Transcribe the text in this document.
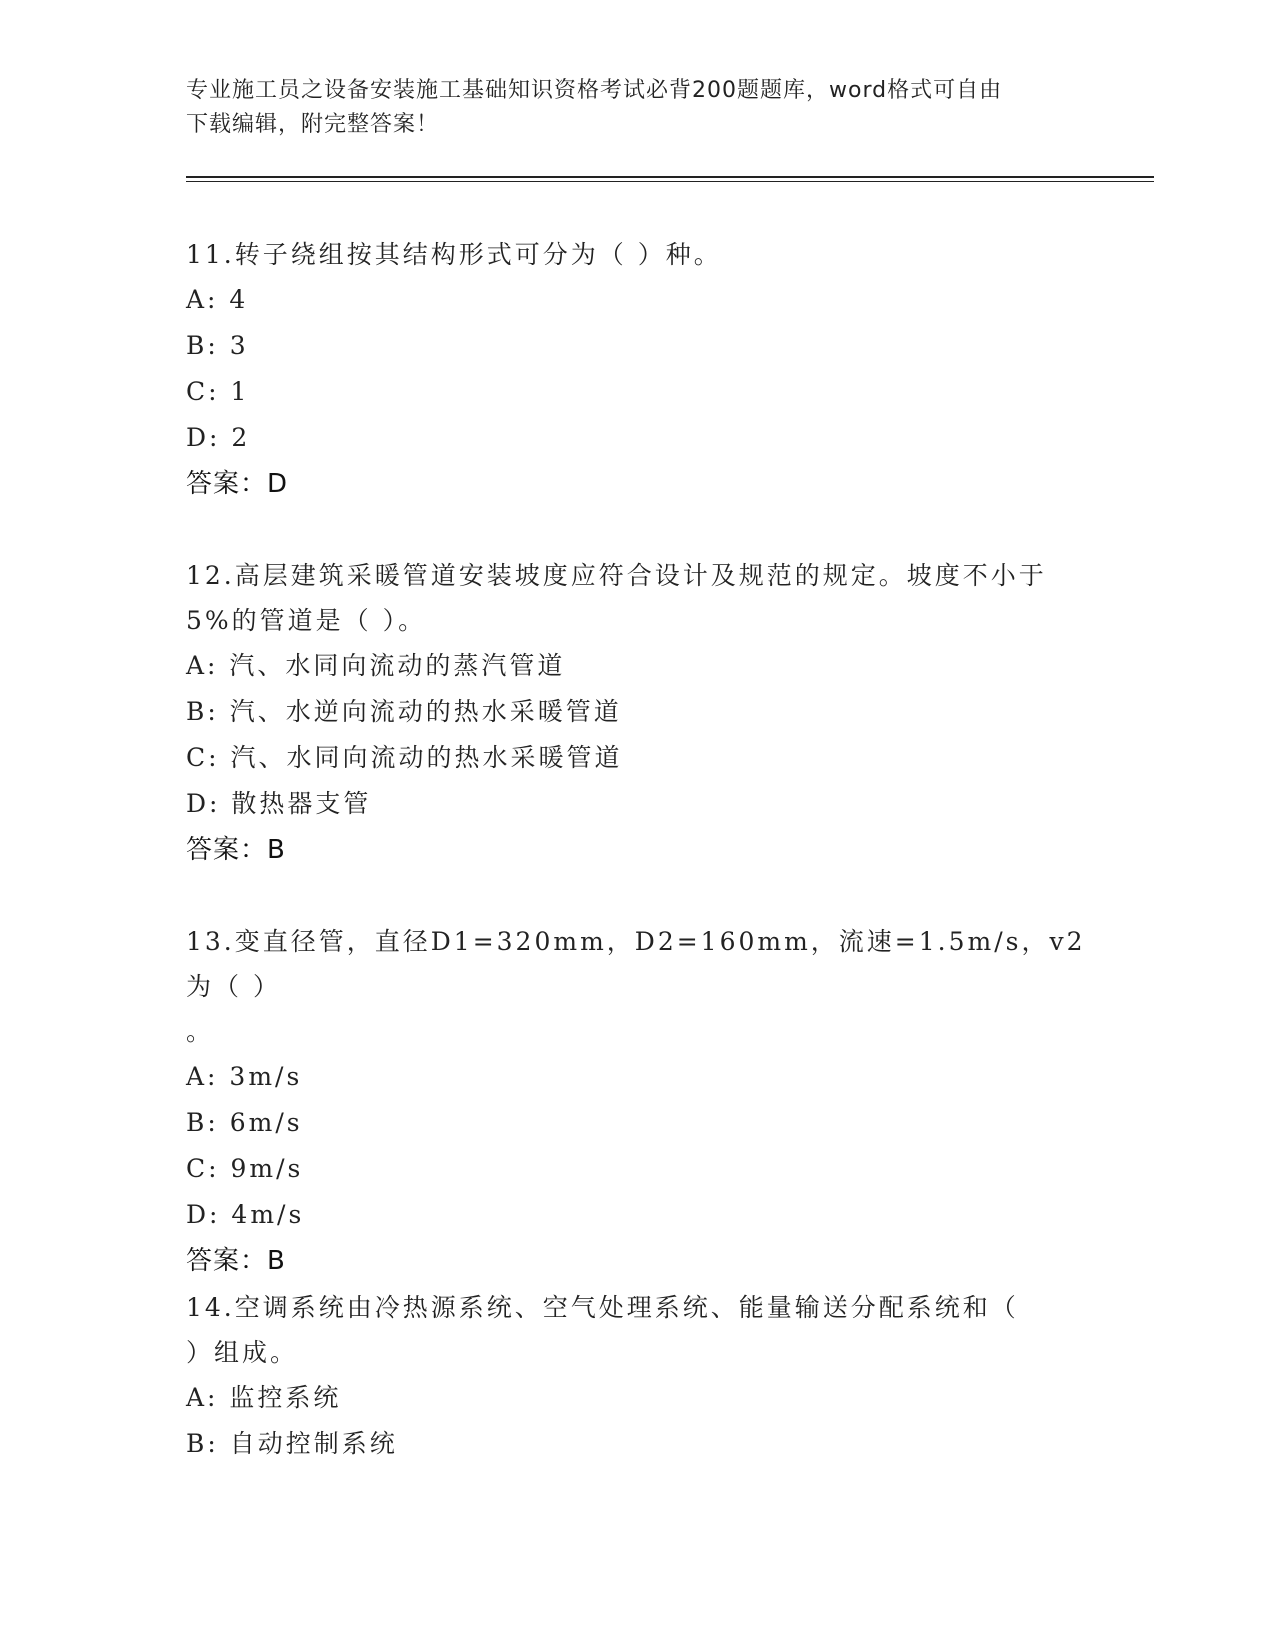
专业施工员之设备安装施工基础知识资格考试必背200题题库，word格式可自由
下载编辑，附完整答案！

11.转子绕组按其结构形式可分为（ ）种。

A: 4

B: 3

C: 1

D: 2

答案：D

12.高层建筑采暖管道安装坡度应符合设计及规范的规定。坡度不小于

5%的管道是（ ）。

A: 汽、水同向流动的蒸汽管道

B: 汽、水逆向流动的热水采暖管道

C: 汽、水同向流动的热水采暖管道

D: 散热器支管

答案：B

13.变直径管，直径D1=320mm，D2=160mm，流速=1.5m/s，v2为（ ）

。

A: 3m/s

B: 6m/s

C: 9m/s

D: 4m/s

答案：B

14.空调系统由冷热源系统、空气处理系统、能量输送分配系统和（

）组成。

A: 监控系统

B: 自动控制系统
